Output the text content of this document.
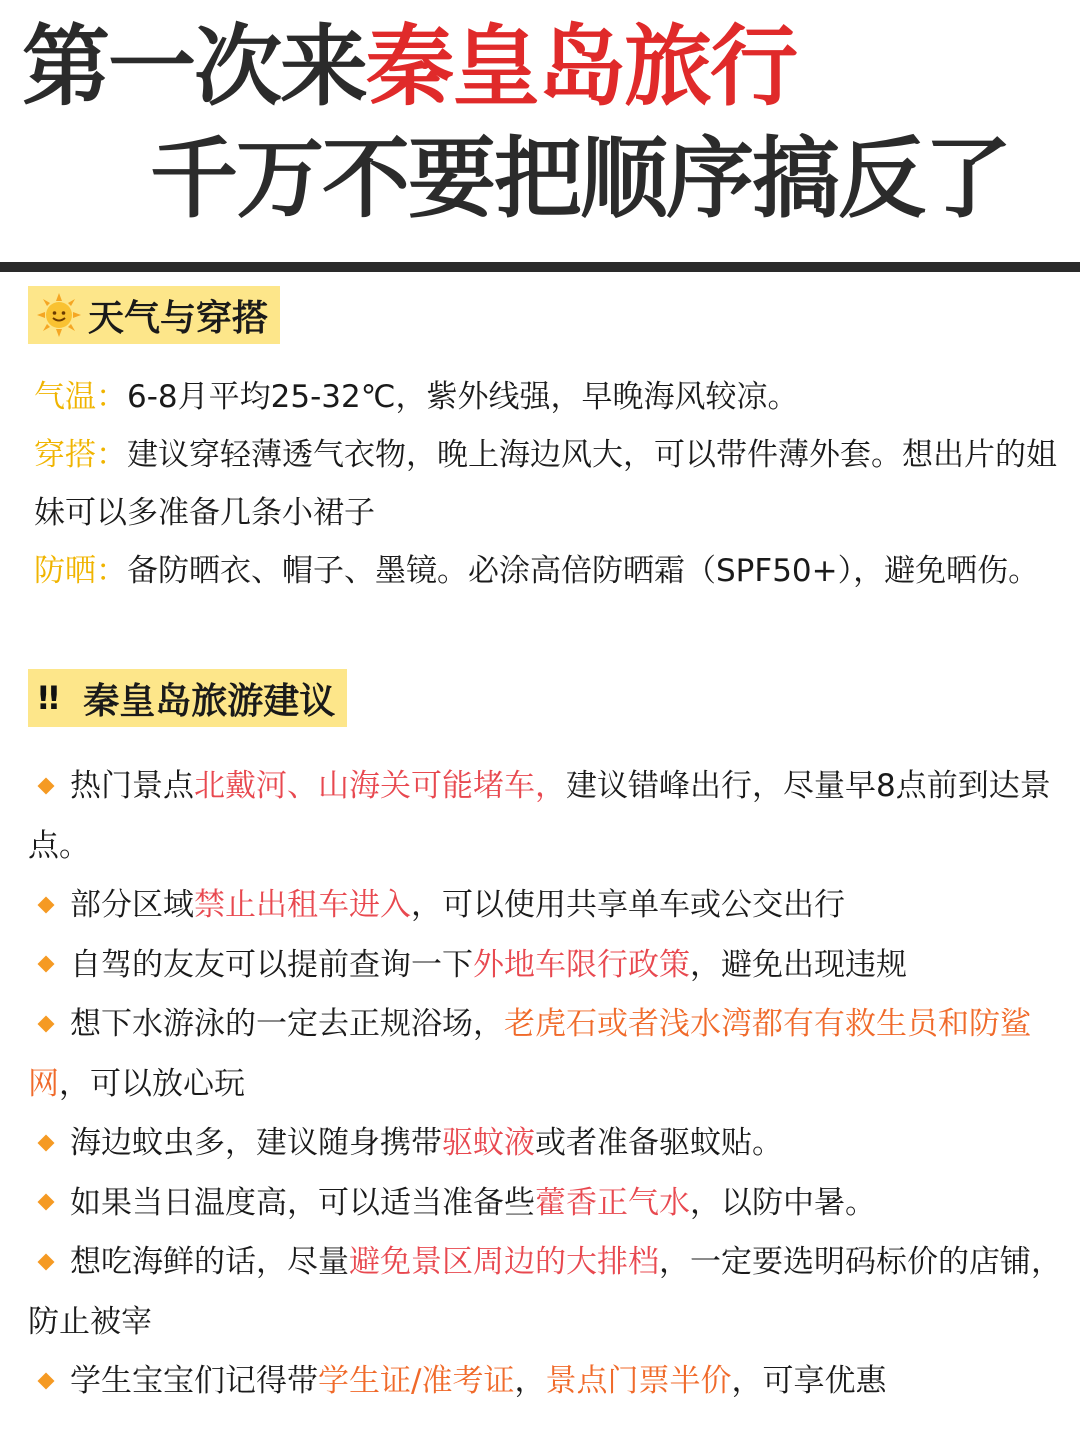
第一次来秦皇岛旅行
千万不要把顺序搞反了
天气与穿搭
气温：6-8月平均25-32℃，紫外线强，早晚海风较凉。
穿搭：建议穿轻薄透气衣物，晚上海边风大，可以带件薄外套。想出片的姐妹可以多准备几条小裙子
防晒：备防晒衣、帽子、墨镜。必涂高倍防晒霜（SPF50+），避免晒伤。
!! 秦皇岛旅游建议
热门景点北戴河、山海关可能堵车，建议错峰出行，尽量早8点前到达景点。
部分区域禁止出租车进入，可以使用共享单车或公交出行
自驾的友友可以提前查询一下外地车限行政策，避免出现违规
想下水游泳的一定去正规浴场，老虎石或者浅水湾都有有救生员和防鲨网，可以放心玩
海边蚊虫多，建议随身携带驱蚊液或者准备驱蚊贴。
如果当日温度高，可以适当准备些藿香正气水，以防中暑。
想吃海鲜的话，尽量避免景区周边的大排档，一定要选明码标价的店铺，防止被宰
学生宝宝们记得带学生证/准考证，景点门票半价，可享优惠
